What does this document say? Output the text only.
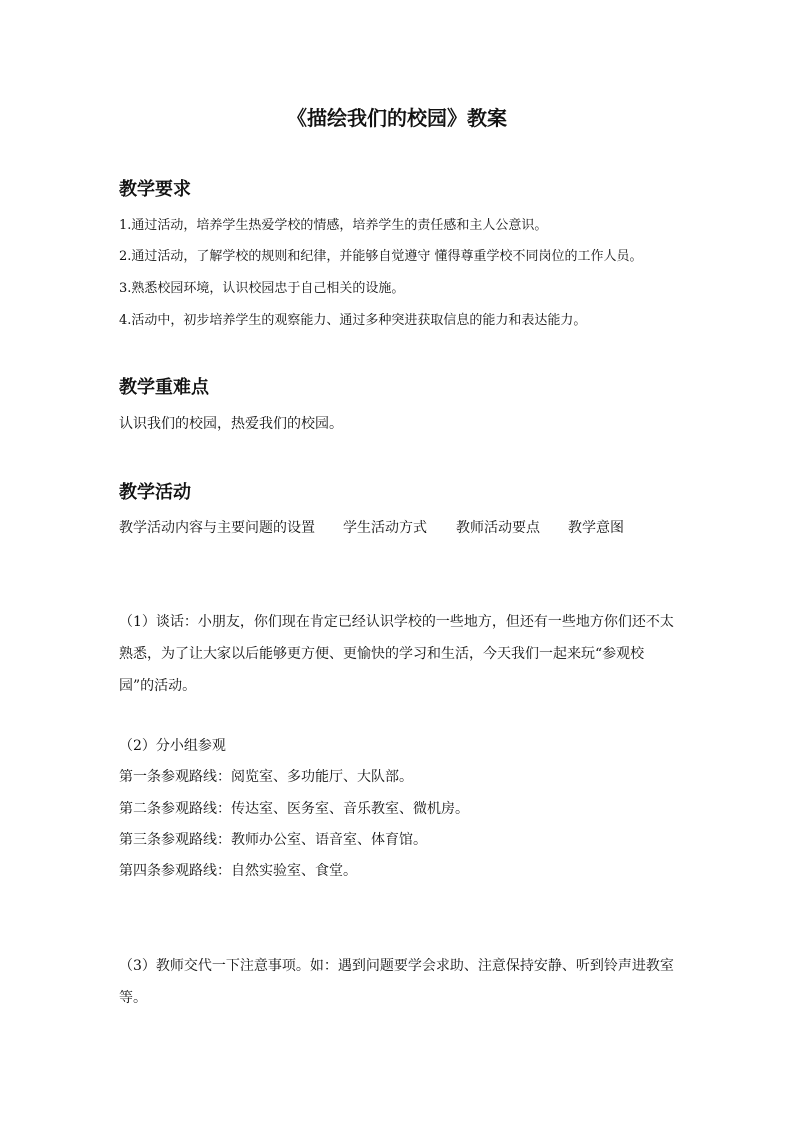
《描绘我们的校园》教案
教学要求

1.通过活动，培养学生热爱学校的情感，培养学生的责任感和主人公意识。

2.通过活动，了解学校的规则和纪律，并能够自觉遵守 懂得尊重学校不同岗位的工作人员。

3.熟悉校园环境，认识校园忠于自己相关的设施。

4.活动中，初步培养学生的观察能力、通过多种突进获取信息的能力和表达能力。

教学重难点

认识我们的校园，热爱我们的校园。

教学活动
教学活动内容与主要问题的设置	学生活动方式	教师活动要点	教学意图

（1）谈话：小朋友，你们现在肯定已经认识学校的一些地方，但还有一些地方你们还不太熟悉，为了让大家以后能够更方便、更愉快的学习和生活，今天我们一起来玩“参观校园”的活动。

（2）分小组参观

第一条参观路线：阅览室、多功能厅、大队部。

第二条参观路线：传达室、医务室、音乐教室、微机房。

第三条参观路线：教师办公室、语音室、体育馆。

第四条参观路线：自然实验室、食堂。

（3）教师交代一下注意事项。如：遇到问题要学会求助、注意保持安静、听到铃声进教室等。
